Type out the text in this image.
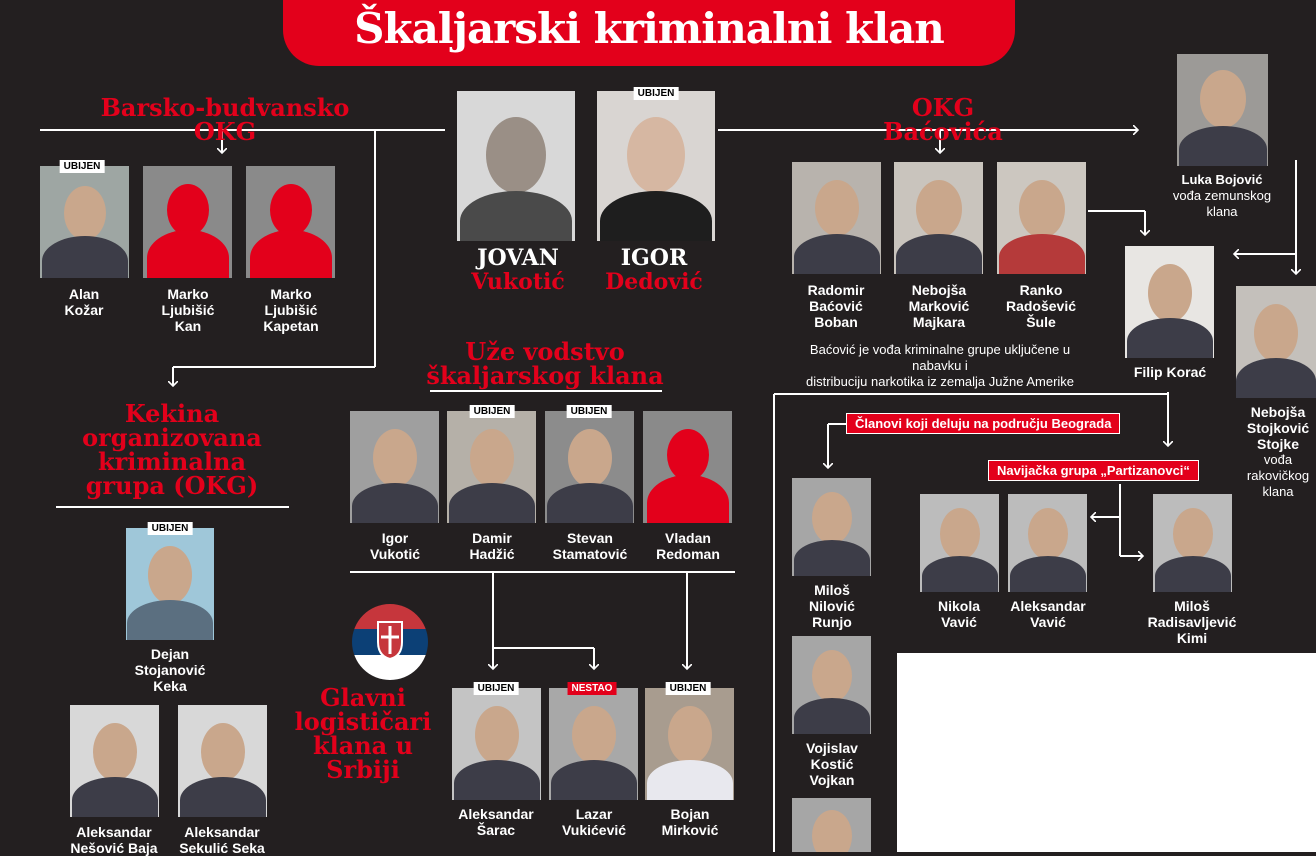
Škaljarski kriminalni klan
Barsko-budvansko OKG
OKG Baćovića
Uže vodstvo
škaljarskog klana
Kekina
organizovana
kriminalna
grupa (OKG)
Glavni
logističari
klana u
Srbiji
UBIJEN
JOVAN
Vukotić
IGOR
Dedović
UBIJEN
Alan
Kožar
Marko
Ljubišić
Kan
Marko
Ljubišić
Kapetan
Radomir
Baćović
Boban
Nebojša
Marković
Majkara
Ranko
Radošević
Šule
Baćović je vođa kriminalne grupe uključene u nabavku i
distribuciju narkotika iz zemalja Južne Amerike
Luka Bojović
vođa zemunskog
klana
Filip Korać
Nebojša
Stojković
Stojke
vođa
rakovičkog
klana
UBIJEN	UBIJEN
Igor
Vukotić
Damir
Hadžić
Stevan
Stamatović
Vladan
Redoman
UBIJEN
Dejan
Stojanović
Keka
Aleksandar
Nešović Baja
Aleksandar
Sekulić Seka
UBIJEN	NESTAO	UBIJEN
Aleksandar
Šarac
Lazar
Vukićević
Bojan
Mirković
Članovi koji deluju na području Beograda
Miloš
Nilović
Runjo
Vojislav
Kostić
Vojkan
Navijačka grupa „Partizanovci“
Nikola
Vavić
Aleksandar
Vavić
Miloš
Radisavljević
Kimi
